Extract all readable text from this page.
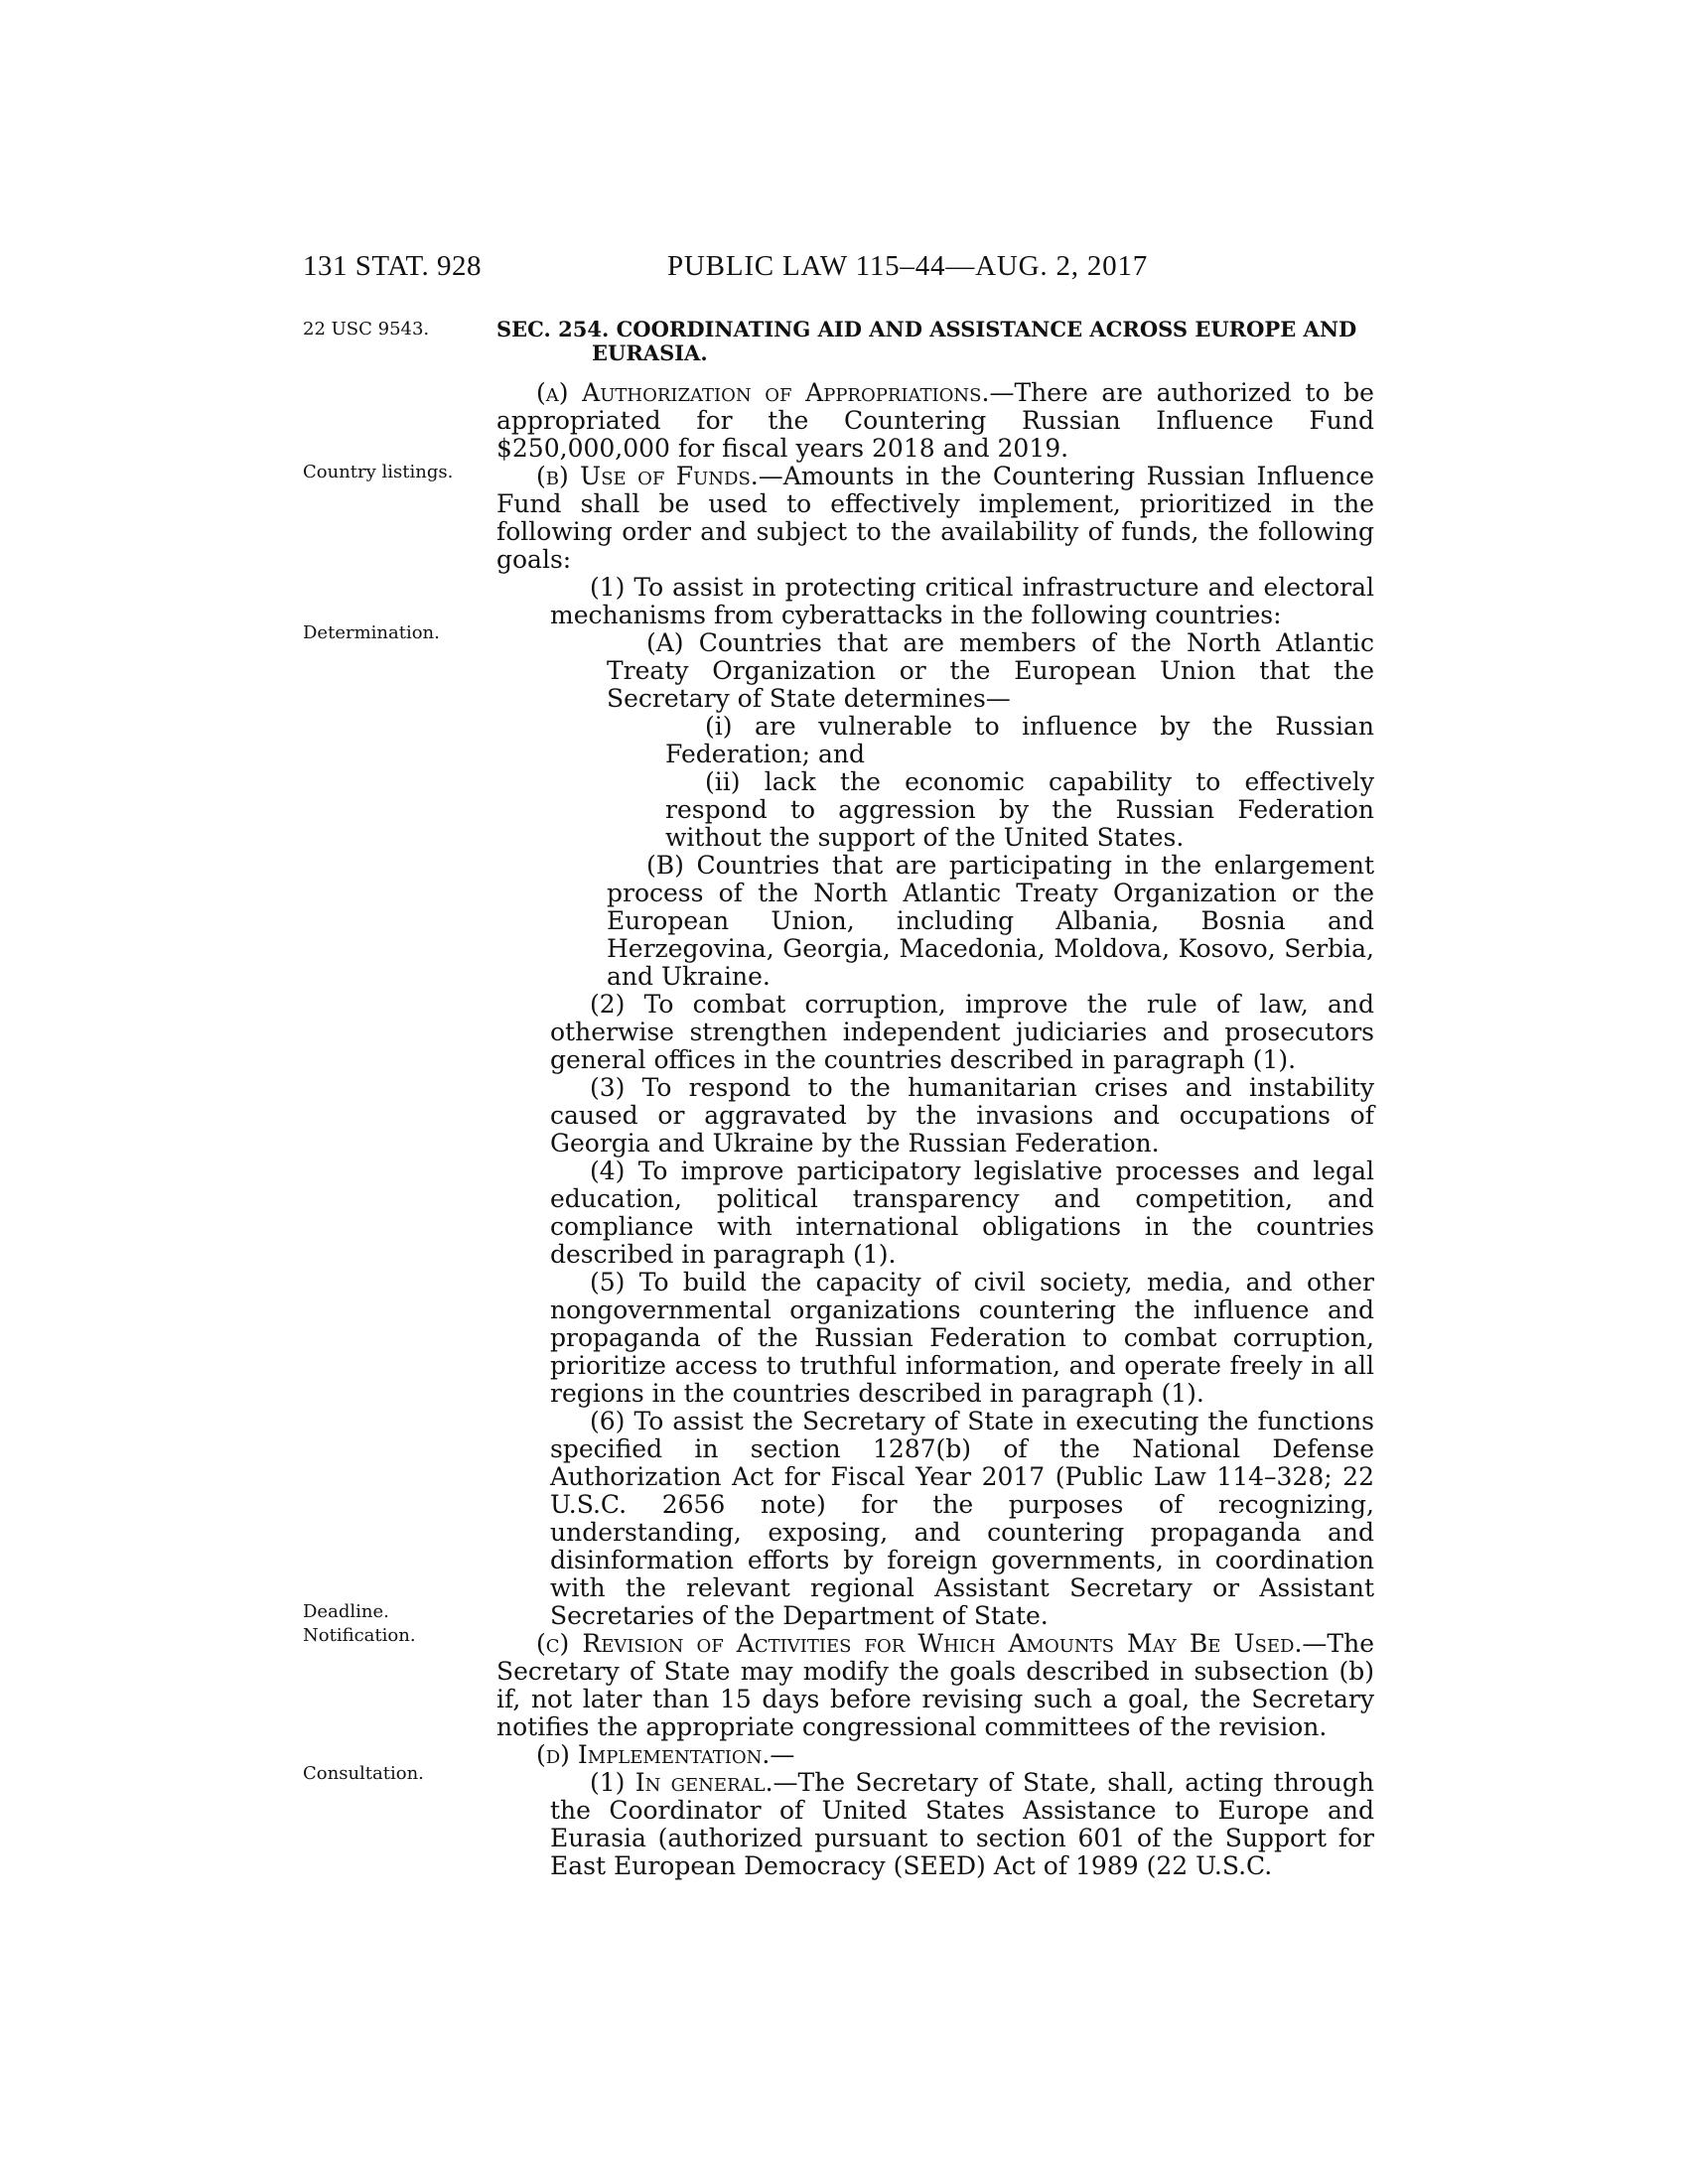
131 STAT. 928	PUBLIC LAW 115–44—AUG. 2, 2017
22 USC 9543.
Country listings.
Determination.
Deadline.
Notification.
Consultation.
SEC. 254. COORDINATING AID AND ASSISTANCE ACROSS EUROPE AND
EURASIA.

(a) Authorization of Appropriations.—There are authorized to be appropriated for the Countering Russian Influence Fund $250,000,000 for fiscal years 2018 and 2019.

(b) Use of Funds.—Amounts in the Countering Russian Influence Fund shall be used to effectively implement, prioritized in the following order and subject to the availability of funds, the following goals:

(1) To assist in protecting critical infrastructure and electoral mechanisms from cyberattacks in the following countries:

(A) Countries that are members of the North Atlantic Treaty Organization or the European Union that the Secretary of State determines—

(i) are vulnerable to influence by the Russian Federation; and

(ii) lack the economic capability to effectively respond to aggression by the Russian Federation without the support of the United States.

(B) Countries that are participating in the enlargement process of the North Atlantic Treaty Organization or the European Union, including Albania, Bosnia and Herzegovina, Georgia, Macedonia, Moldova, Kosovo, Serbia, and Ukraine.

(2) To combat corruption, improve the rule of law, and otherwise strengthen independent judiciaries and prosecutors general offices in the countries described in paragraph (1).

(3) To respond to the humanitarian crises and instability caused or aggravated by the invasions and occupations of Georgia and Ukraine by the Russian Federation.

(4) To improve participatory legislative processes and legal education, political transparency and competition, and compliance with international obligations in the countries described in paragraph (1).

(5) To build the capacity of civil society, media, and other nongovernmental organizations countering the influence and propaganda of the Russian Federation to combat corruption, prioritize access to truthful information, and operate freely in all regions in the countries described in paragraph (1).

(6) To assist the Secretary of State in executing the functions specified in section 1287(b) of the National Defense Authorization Act for Fiscal Year 2017 (Public Law 114–328; 22 U.S.C. 2656 note) for the purposes of recognizing, understanding, exposing, and countering propaganda and disinformation efforts by foreign governments, in coordination with the relevant regional Assistant Secretary or Assistant Secretaries of the Department of State.

(c) Revision of Activities for Which Amounts May Be Used.—The Secretary of State may modify the goals described in subsection (b) if, not later than 15 days before revising such a goal, the Secretary notifies the appropriate congressional committees of the revision.

(d) Implementation.—

(1) In general.—The Secretary of State, shall, acting through the Coordinator of United States Assistance to Europe and Eurasia (authorized pursuant to section 601 of the Support for East European Democracy (SEED) Act of 1989 (22 U.S.C.
